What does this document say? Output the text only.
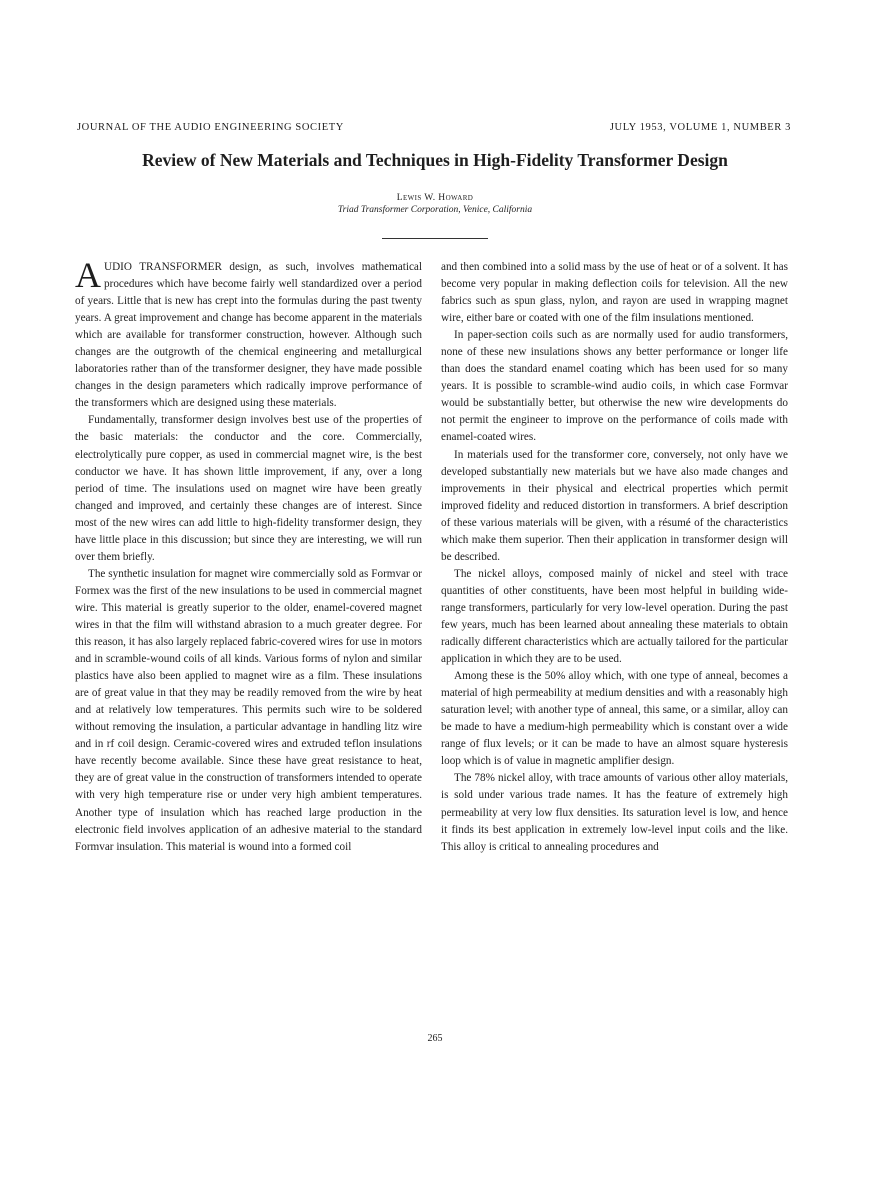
JOURNAL OF THE AUDIO ENGINEERING SOCIETY	JULY 1953, VOLUME 1, NUMBER 3
Review of New Materials and Techniques in High-Fidelity Transformer Design
Lewis W. Howard
Triad Transformer Corporation, Venice, California

AUDIO TRANSFORMER design, as such, involves mathematical procedures which have become fairly well standardized over a period of years. Little that is new has crept into the formulas during the past twenty years. A great improvement and change has become apparent in the materials which are available for transformer construction, however. Although such changes are the outgrowth of the chemical engineering and metallurgical laboratories rather than of the transformer designer, they have made possible changes in the design parameters which radically improve performance of the transformers which are designed using these materials.

Fundamentally, transformer design involves best use of the properties of the basic materials: the conductor and the core. Commercially, electrolytically pure copper, as used in commercial magnet wire, is the best conductor we have. It has shown little improvement, if any, over a long period of time. The insulations used on magnet wire have been greatly changed and improved, and certainly these changes are of interest. Since most of the new wires can add little to high-fidelity transformer design, they have little place in this discussion; but since they are interesting, we will run over them briefly.

The synthetic insulation for magnet wire commercially sold as Formvar or Formex was the first of the new insulations to be used in commercial magnet wire. This material is greatly superior to the older, enamel-covered magnet wires in that the film will withstand abrasion to a much greater degree. For this reason, it has also largely replaced fabric-covered wires for use in motors and in scramble-wound coils of all kinds. Various forms of nylon and similar plastics have also been applied to magnet wire as a film. These insulations are of great value in that they may be readily removed from the wire by heat and at relatively low temperatures. This permits such wire to be soldered without removing the insulation, a particular advantage in handling litz wire and in rf coil design. Ceramic-covered wires and extruded teflon insulations have recently become available. Since these have great resistance to heat, they are of great value in the construction of transformers intended to operate with very high temperature rise or under very high ambient temperatures. Another type of insulation which has reached large production in the electronic field involves application of an adhesive material to the standard Formvar insulation. This material is wound into a formed coil

and then combined into a solid mass by the use of heat or of a solvent. It has become very popular in making deflection coils for television. All the new fabrics such as spun glass, nylon, and rayon are used in wrapping magnet wire, either bare or coated with one of the film insulations mentioned.

In paper-section coils such as are normally used for audio transformers, none of these new insulations shows any better performance or longer life than does the standard enamel coating which has been used for so many years. It is possible to scramble-wind audio coils, in which case Formvar would be substantially better, but otherwise the new wire developments do not permit the engineer to improve on the performance of coils made with enamel-coated wires.

In materials used for the transformer core, conversely, not only have we developed substantially new materials but we have also made changes and improvements in their physical and electrical properties which permit improved fidelity and reduced distortion in transformers. A brief description of these various materials will be given, with a résumé of the characteristics which make them superior. Then their application in transformer design will be described.

The nickel alloys, composed mainly of nickel and steel with trace quantities of other constituents, have been most helpful in building wide-range transformers, particularly for very low-level operation. During the past few years, much has been learned about annealing these materials to obtain radically different characteristics which are actually tailored for the particular application in which they are to be used.

Among these is the 50% alloy which, with one type of anneal, becomes a material of high permeability at medium densities and with a reasonably high saturation level; with another type of anneal, this same, or a similar, alloy can be made to have a medium-high permeability which is constant over a wide range of flux levels; or it can be made to have an almost square hysteresis loop which is of value in magnetic amplifier design.

The 78% nickel alloy, with trace amounts of various other alloy materials, is sold under various trade names. It has the feature of extremely high permeability at very low flux densities. Its saturation level is low, and hence it finds its best application in extremely low-level input coils and the like. This alloy is critical to annealing procedures and

265
